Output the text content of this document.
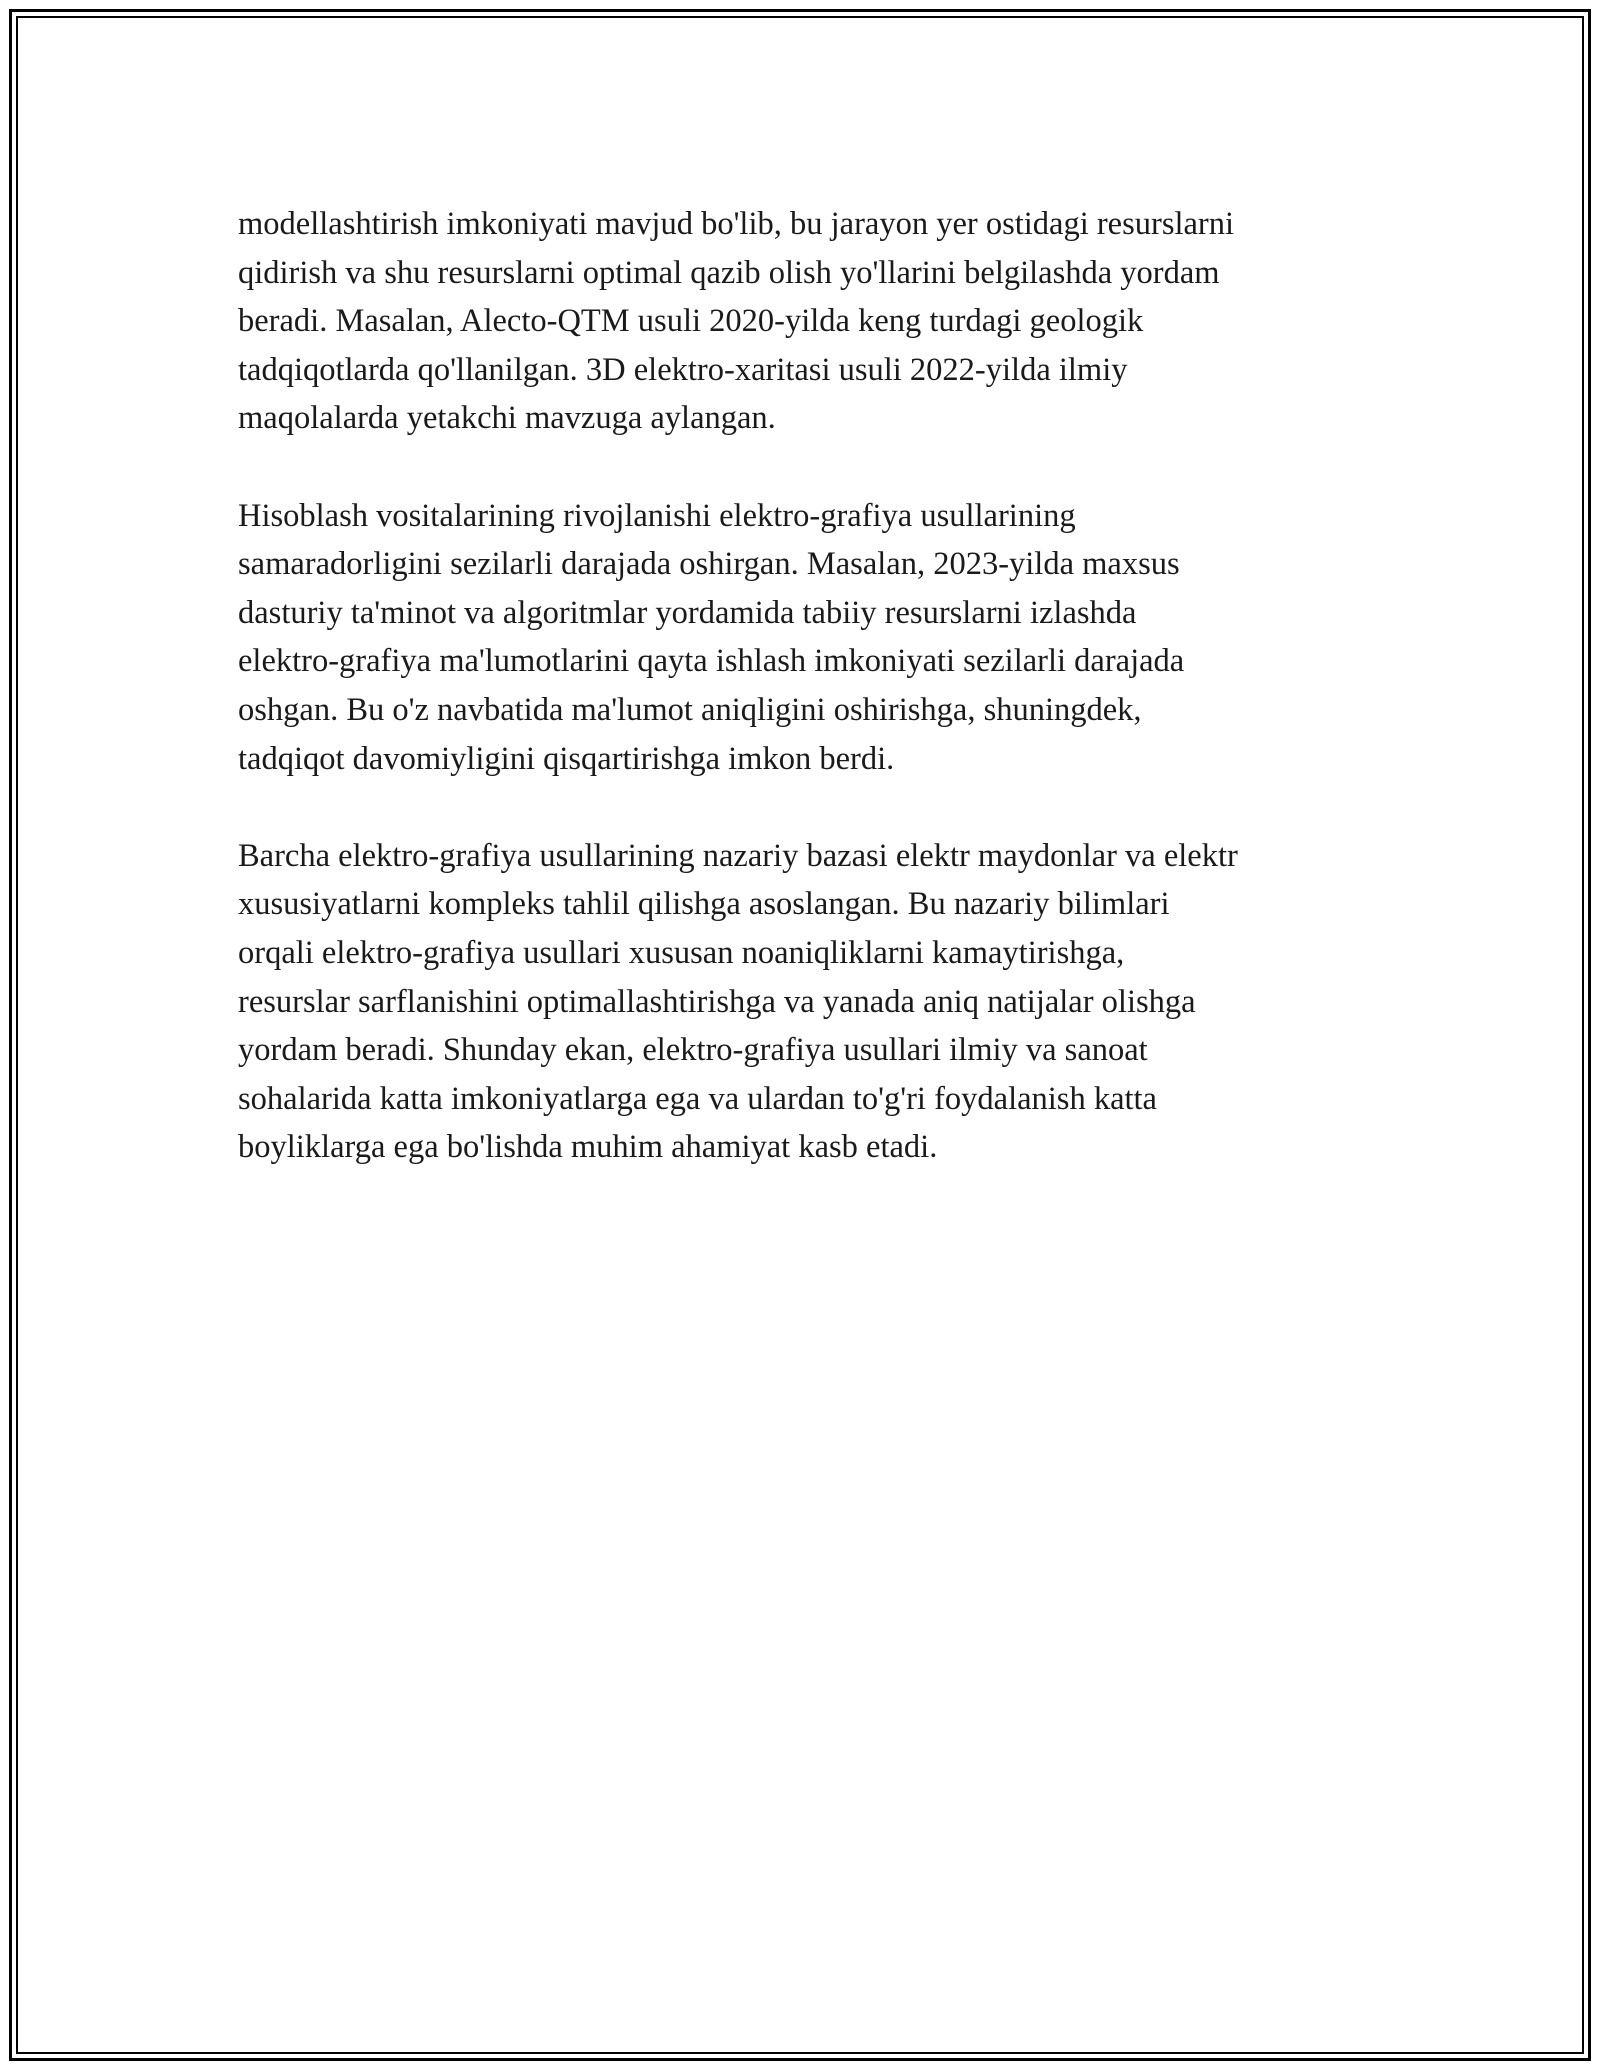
modellashtirish imkoniyati mavjud bo'lib, bu jarayon yer ostidagi resurslarni
qidirish va shu resurslarni optimal qazib olish yo'llarini belgilashda yordam
beradi. Masalan, Alecto-QTM usuli 2020-yilda keng turdagi geologik
tadqiqotlarda qo'llanilgan. 3D elektro-xaritasi usuli 2022-yilda ilmiy
maqolalarda yetakchi mavzuga aylangan.

Hisoblash vositalarining rivojlanishi elektro-grafiya usullarining
samaradorligini sezilarli darajada oshirgan. Masalan, 2023-yilda maxsus
dasturiy ta'minot va algoritmlar yordamida tabiiy resurslarni izlashda
elektro-grafiya ma'lumotlarini qayta ishlash imkoniyati sezilarli darajada
oshgan. Bu o'z navbatida ma'lumot aniqligini oshirishga, shuningdek,
tadqiqot davomiyligini qisqartirishga imkon berdi.

Barcha elektro-grafiya usullarining nazariy bazasi elektr maydonlar va elektr
xususiyatlarni kompleks tahlil qilishga asoslangan. Bu nazariy bilimlari
orqali elektro-grafiya usullari xususan noaniqliklarni kamaytirishga,
resurslar sarflanishini optimallashtirishga va yanada aniq natijalar olishga
yordam beradi. Shunday ekan, elektro-grafiya usullari ilmiy va sanoat
sohalarida katta imkoniyatlarga ega va ulardan to'g'ri foydalanish katta
boyliklarga ega bo'lishda muhim ahamiyat kasb etadi.
